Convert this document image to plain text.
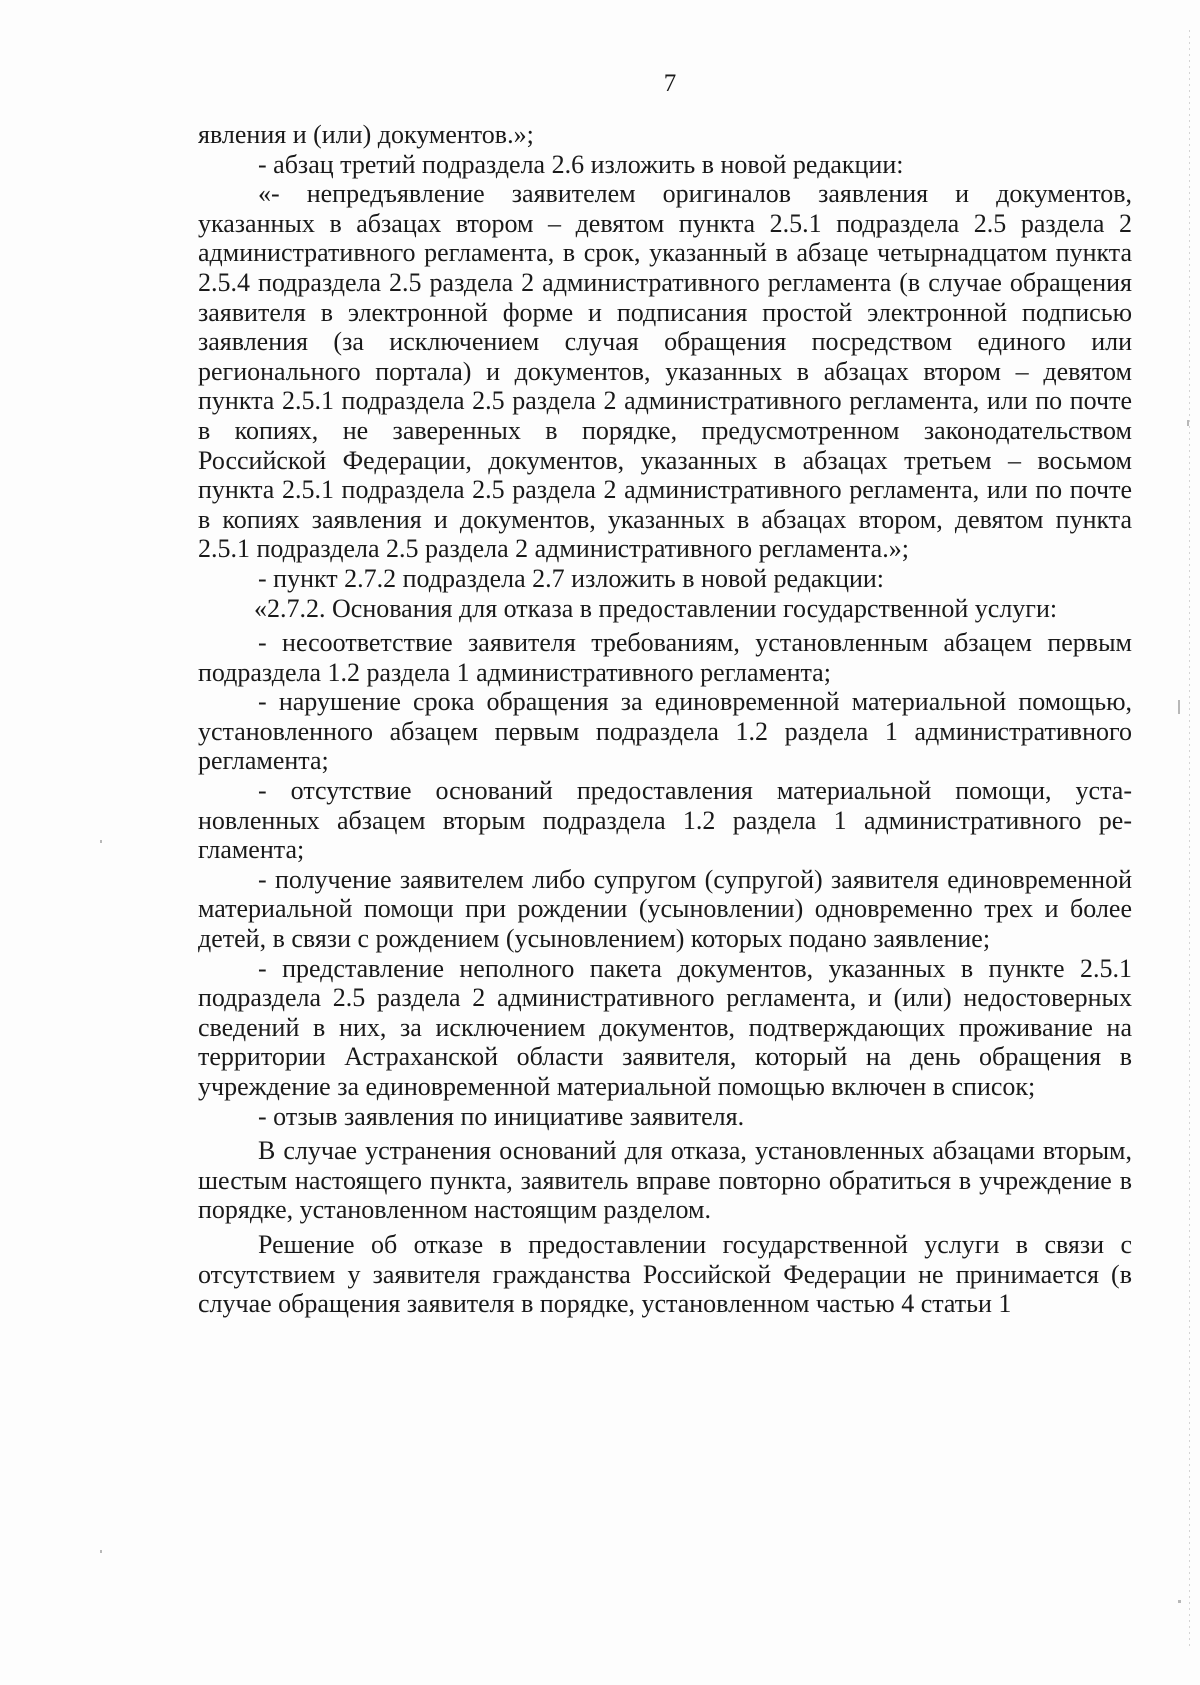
7

явления и (или) документов.»;

- абзац третий подраздела 2.6 изложить в новой редакции:

«- непредъявление заявителем оригиналов заявления и документов, указанных в абзацах втором – девятом пункта 2.5.1 подраздела 2.5 раздела 2 административного регламента, в срок, указанный в абзаце четырнадцатом пункта 2.5.4 подраздела 2.5 раздела 2 административного регламента (в случае обращения заявителя в электронной форме и подписания простой электронной подписью заявления (за исключением случая обращения посредством единого или регионального портала) и документов, указанных в абзацах втором – девятом пункта 2.5.1 подраздела 2.5 раздела 2 административного регламента, или по почте в копиях, не заверенных в порядке, предусмотренном законодательством Российской Федерации, документов, указанных в абзацах третьем – восьмом пункта 2.5.1 подраздела 2.5 раздела 2 административного регламента, или по почте в копиях заявления и документов, указанных в абзацах втором, девятом пункта 2.5.1 подраздела 2.5 раздела 2 административного регламента.»;

- пункт 2.7.2 подраздела 2.7 изложить в новой редакции:

«2.7.2. Основания для отказа в предоставлении государственной услуги:

- несоответствие заявителя требованиям, установленным абзацем первым подраздела 1.2 раздела 1 административного регламента;

- нарушение срока обращения за единовременной материальной помощью, установленного абзацем первым подраздела 1.2 раздела 1 административного регламента;

- отсутствие оснований предоставления материальной помощи, установленных абзацем вторым подраздела 1.2 раздела 1 административного регламента;

- получение заявителем либо супругом (супругой) заявителя единовременной материальной помощи при рождении (усыновлении) одновременно трех и более детей, в связи с рождением (усыновлением) которых подано заявление;

- представление неполного пакета документов, указанных в пункте 2.5.1 подраздела 2.5 раздела 2 административного регламента, и (или) недостоверных сведений в них, за исключением документов, подтверждающих проживание на территории Астраханской области заявителя, который на день обращения в учреждение за единовременной материальной помощью включен в список;

- отзыв заявления по инициативе заявителя.

В случае устранения оснований для отказа, установленных абзацами вторым, шестым настоящего пункта, заявитель вправе повторно обратиться в учреждение в порядке, установленном настоящим разделом.

Решение об отказе в предоставлении государственной услуги в связи с отсутствием у заявителя гражданства Российской Федерации не принимается (в случае обращения заявителя в порядке, установленном частью 4 статьи 1
